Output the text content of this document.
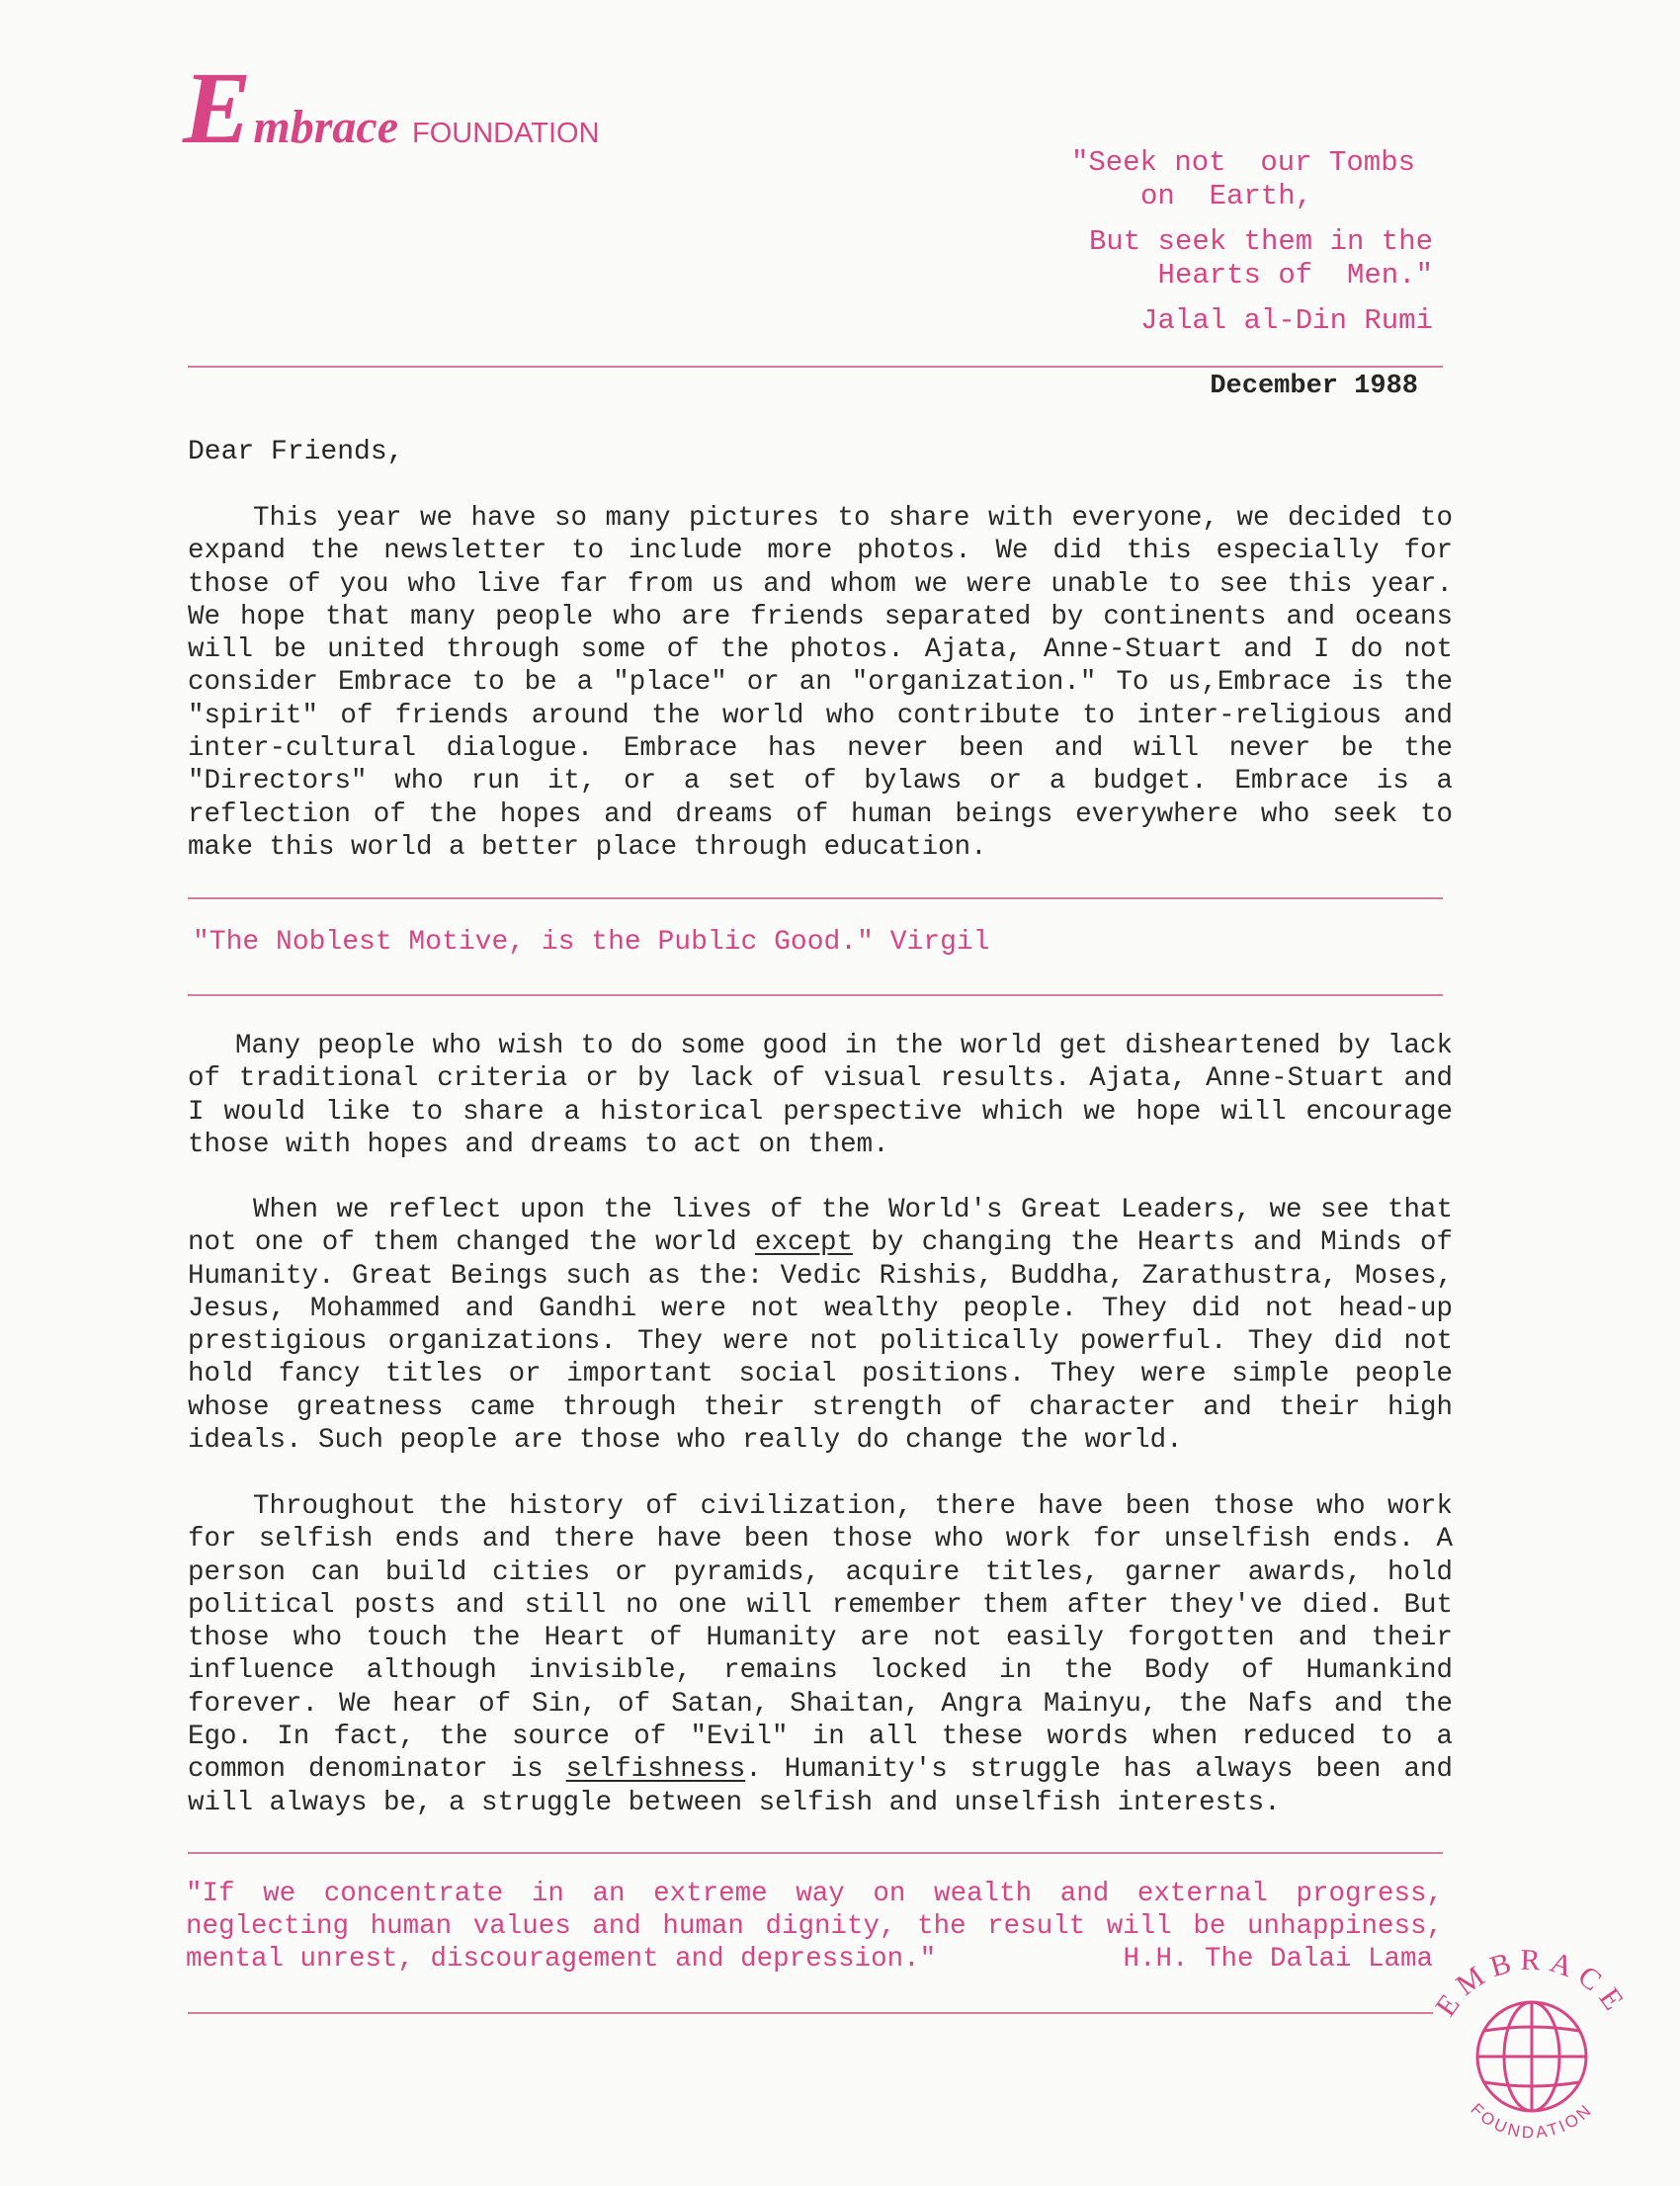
E mbrace FOUNDATION
"Seek not  our Tombs
on  Earth,
But seek them in the
Hearts of  Men."
Jalal al-Din Rumi
December 1988
Dear Friends,

This year we have so many pictures to share with everyone, we decided to expand the newsletter to include more photos. We did this especially for those of you who live far from us and whom we were unable to see this year. We hope that many people who are friends separated by continents and oceans will be united through some of the photos. Ajata, Anne-Stuart and I do not consider Embrace to be a "place" or an "organization." To us,Embrace is the "spirit" of friends around the world who contribute to inter-religious and inter-cultural dialogue. Embrace has never been and will never be the "Directors" who run it, or a set of bylaws or a budget. Embrace is a reflection of the hopes and dreams of human beings everywhere who seek to make this world a better place through education.

"The Noblest Motive, is the Public Good." Virgil

Many people who wish to do some good in the world get disheartened by lack of traditional criteria or by lack of visual results. Ajata, Anne-Stuart and I would like to share a historical perspective which we hope will encourage those with hopes and dreams to act on them.

When we reflect upon the lives of the World's Great Leaders, we see that not one of them changed the world except by changing the Hearts and Minds of Humanity. Great Beings such as the: Vedic Rishis, Buddha, Zarathustra, Moses, Jesus, Mohammed and Gandhi were not wealthy people. They did not head-up prestigious organizations. They were not politically powerful. They did not hold fancy titles or important social positions. They were simple people whose greatness came through their strength of character and their high ideals. Such people are those who really do change the world.

Throughout the history of civilization, there have been those who work for selfish ends and there have been those who work for unselfish ends. A person can build cities or pyramids, acquire titles, garner awards, hold political posts and still no one will remember them after they've died. But those who touch the Heart of Humanity are not easily forgotten and their influence although invisible, remains locked in the Body of Humankind forever. We hear of Sin, of Satan, Shaitan, Angra Mainyu, the Nafs and the Ego. In fact, the source of "Evil" in all these words when reduced to a common denominator is selfishness. Humanity's struggle has always been and will always be, a struggle between selfish and unselfish interests.

"If we concentrate in an extreme way on wealth and external progress, neglecting human values and human dignity, the result will be unhappiness, mental unrest, discouragement and depression."	H.H. The Dalai Lama
EMBRACE
FOUNDATION
